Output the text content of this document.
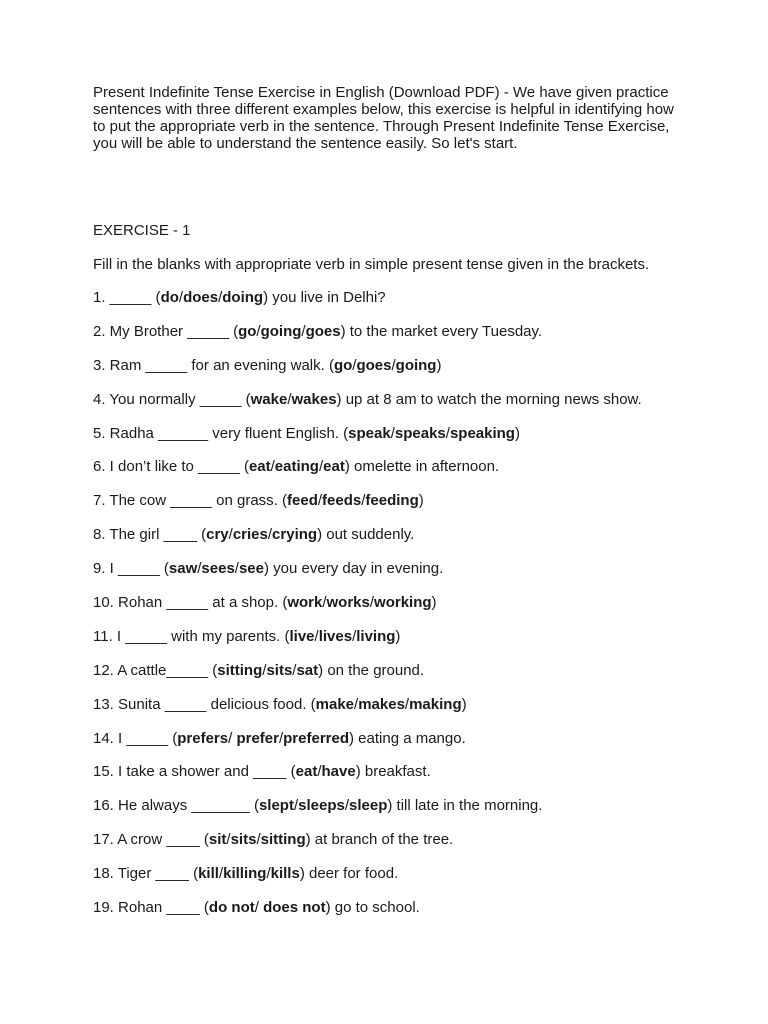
Present Indefinite Tense Exercise in English (Download PDF) - We have given practice sentences with three different examples below, this exercise is helpful in identifying how to put the appropriate verb in the sentence. Through Present Indefinite Tense Exercise, you will be able to understand the sentence easily. So let's start.

EXERCISE - 1

Fill in the blanks with appropriate verb in simple present tense given in the brackets.

1. _____ (do/does/doing) you live in Delhi?
2. My Brother _____ (go/going/goes) to the market every Tuesday.
3. Ram _____ for an evening walk. (go/goes/going)
4. You normally _____ (wake/wakes) up at 8 am to watch the morning news show.
5. Radha ______ very fluent English. (speak/speaks/speaking)
6. I don’t like to _____ (eat/eating/eat) omelette in afternoon.
7. The cow _____ on grass. (feed/feeds/feeding)
8. The girl ____ (cry/cries/crying) out suddenly.
9. I _____ (saw/sees/see) you every day in evening.
10. Rohan _____ at a shop. (work/works/working)
11. I _____ with my parents. (live/lives/living)
12. A cattle_____ (sitting/sits/sat) on the ground.
13. Sunita _____ delicious food. (make/makes/making)
14. I _____ (prefers/ prefer/preferred) eating a mango.
15. I take a shower and ____ (eat/have) breakfast.
16. He always _______ (slept/sleeps/sleep) till late in the morning.
17. A crow ____ (sit/sits/sitting) at branch of the tree.
18. Tiger ____ (kill/killing/kills) deer for food.
19. Rohan ____ (do not/ does not) go to school.
